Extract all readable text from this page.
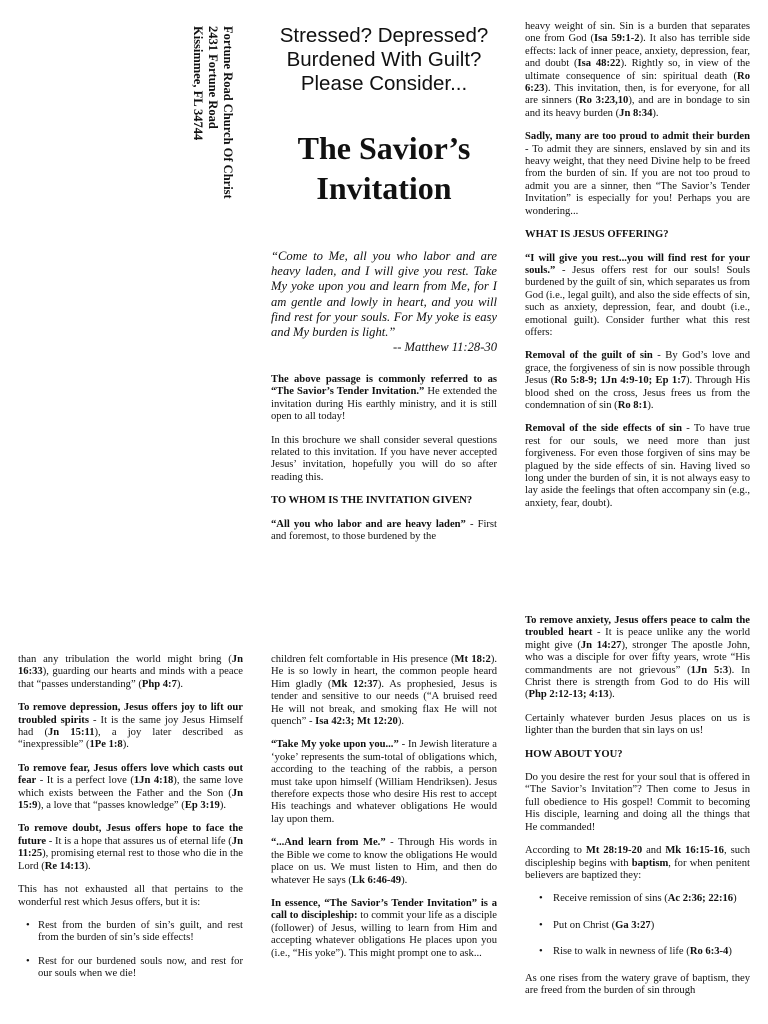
Fortune Road Church Of Christ
2431 Fortune Road
Kissimmee, FL 34744	Stressed? Depressed?
Burdened With Guilt?
Please Consider...
The Savior’s
Invitation
“Come to Me, all you who labor and are heavy laden, and I will give you rest. Take My yoke upon you and learn from Me, for I am gentle and lowly in heart, and you will find rest for your souls. For My yoke is easy and My burden is light.”
-- Matthew 11:28-30

The above passage is commonly referred to as “The Savior’s Tender Invitation.” He extended the invitation during His earthly ministry, and it is still open to all today!

In this brochure we shall consider several questions related to this invitation. If you have never accepted Jesus’ invitation, hopefully you will do so after reading this.

TO WHOM IS THE INVITATION GIVEN?

“All you who labor and are heavy laden” - First and foremost, to those burdened by the

heavy weight of sin. Sin is a burden that separates one from God (Isa 59:1-2). It also has terrible side effects: lack of inner peace, anxiety, depression, fear, and doubt (Isa 48:22). Rightly so, in view of the ultimate consequence of sin: spiritual death (Ro 6:23). This invitation, then, is for everyone, for all are sinners (Ro 3:23,10), and are in bondage to sin and its heavy burden (Jn 8:34).

Sadly, many are too proud to admit their burden - To admit they are sinners, enslaved by sin and its heavy weight, that they need Divine help to be freed from the burden of sin. If you are not too proud to admit you are a sinner, then “The Savior’s Tender Invitation” is especially for you! Perhaps you are wondering...

WHAT IS JESUS OFFERING?

“I will give you rest...you will find rest for your souls.” - Jesus offers rest for our souls! Souls burdened by the guilt of sin, which separates us from God (i.e., legal guilt), and also the side effects of sin, such as anxiety, depression, fear, and doubt (i.e., emotional guilt). Consider further what this rest offers:

Removal of the guilt of sin - By God’s love and grace, the forgiveness of sin is now possible through Jesus (Ro 5:8-9; 1Jn 4:9-10; Ep 1:7). Through His blood shed on the cross, Jesus frees us from the condemnation of sin (Ro 8:1).

Removal of the side effects of sin - To have true rest for our souls, we need more than just forgiveness. For even those forgiven of sins may be plagued by the side effects of sin. Having lived so long under the burden of sin, it is not always easy to lay aside the feelings that often accompany sin (e.g., anxiety, fear, doubt).

than any tribulation the world might bring (Jn 16:33), guarding our hearts and minds with a peace that “passes understanding” (Php 4:7).

To remove depression, Jesus offers joy to lift our troubled spirits - It is the same joy Jesus Himself had (Jn 15:11), a joy later described as “inexpressible” (1Pe 1:8).

To remove fear, Jesus offers love which casts out fear - It is a perfect love (1Jn 4:18), the same love which exists between the Father and the Son (Jn 15:9), a love that “passes knowledge” (Ep 3:19).

To remove doubt, Jesus offers hope to face the future - It is a hope that assures us of eternal life (Jn 11:25), promising eternal rest to those who die in the Lord (Re 14:13).

This has not exhausted all that pertains to the wonderful rest which Jesus offers, but it is:

• Rest from the burden of sin’s guilt, and rest from the burden of sin’s side effects!
• Rest for our burdened souls now, and rest for our souls when we die!

children felt comfortable in His presence (Mt 18:2). He is so lowly in heart, the common people heard Him gladly (Mk 12:37). As prophesied, Jesus is tender and sensitive to our needs (“A bruised reed He will not break, and smoking flax He will not quench” - Isa 42:3; Mt 12:20).

“Take My yoke upon you...” - In Jewish literature a ‘yoke’ represents the sum-total of obligations which, according to the teaching of the rabbis, a person must take upon himself (William Hendriksen). Jesus therefore expects those who desire His rest to accept His teachings and whatever obligations He would lay upon them.

“...And learn from Me.” - Through His words in the Bible we come to know the obligations He would place on us. We must listen to Him, and then do whatever He says (Lk 6:46-49).

In essence, “The Savior’s Tender Invitation” is a call to discipleship: to commit your life as a disciple (follower) of Jesus, willing to learn from Him and accepting whatever obligations He places upon you (i.e., “His yoke”). This might prompt one to ask...

To remove anxiety, Jesus offers peace to calm the troubled heart - It is peace unlike any the world might give (Jn 14:27), stronger The apostle John, who was a disciple for over fifty years, wrote “His commandments are not grievous” (1Jn 5:3). In Christ there is strength from God to do His will (Php 2:12-13; 4:13).

Certainly whatever burden Jesus places on us is lighter than the burden that sin lays on us!

HOW ABOUT YOU?

Do you desire the rest for your soul that is offered in “The Savior’s Invitation”? Then come to Jesus in full obedience to His gospel! Commit to becoming His disciple, learning and doing all the things that He commanded!

According to Mt 28:19-20 and Mk 16:15-16, such discipleship begins with baptism, for when penitent believers are baptized they:

• Receive remission of sins (Ac 2:36; 22:16)
• Put on Christ (Ga 3:27)
• Rise to walk in newness of life (Ro 6:3-4)

As one rises from the watery grave of baptism, they are freed from the burden of sin through
